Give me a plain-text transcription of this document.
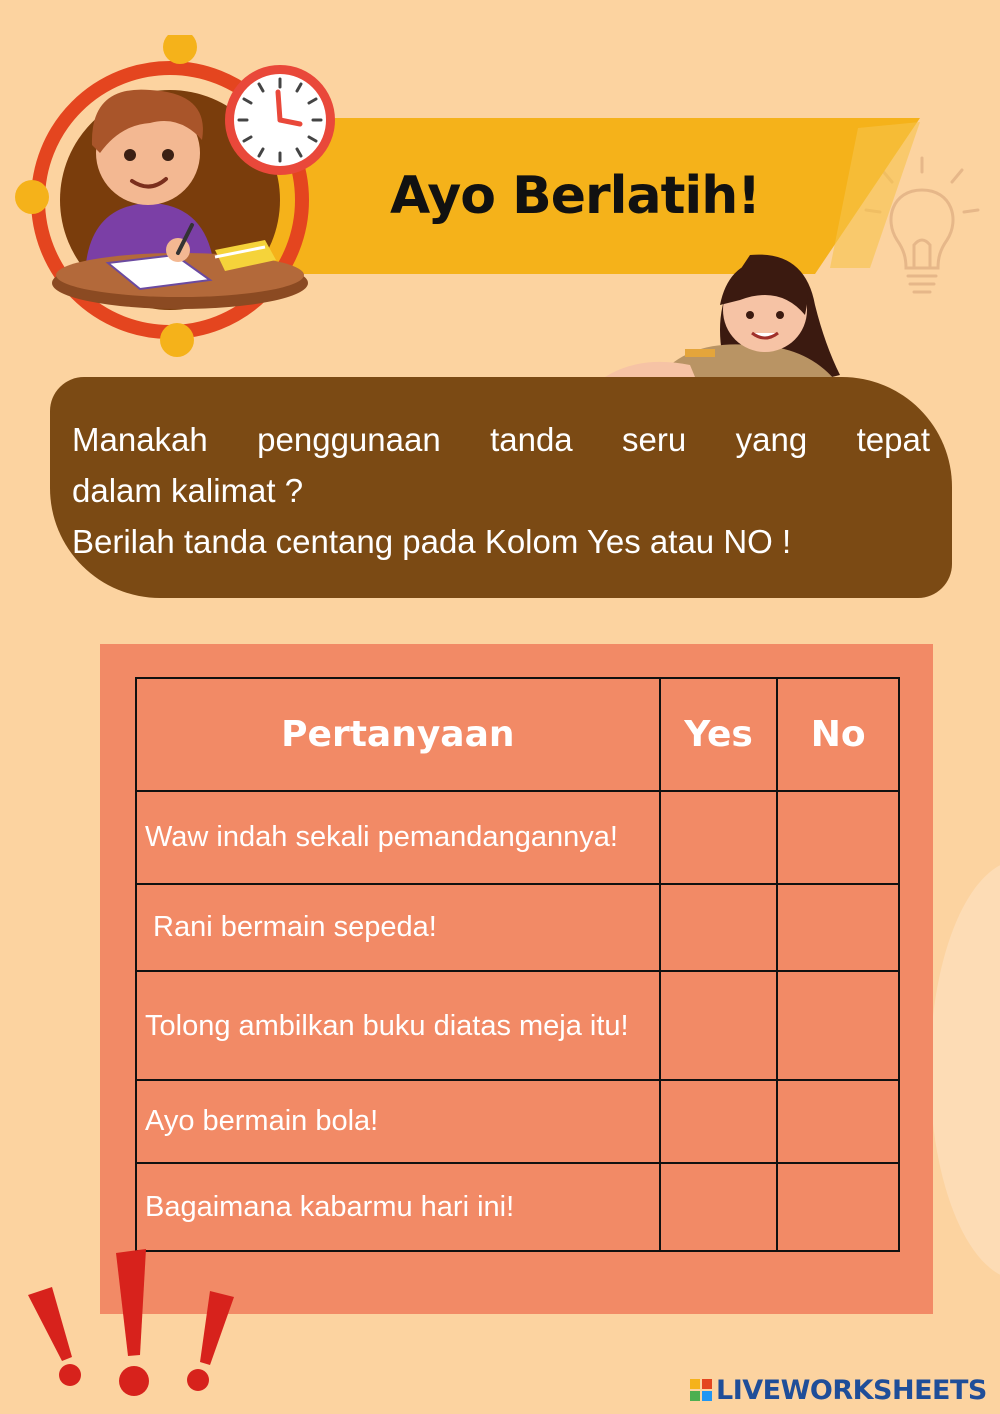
Ayo Berlatih!
Manakah penggunaan tanda seru yang tepat
dalam kalimat ?
Berilah tanda centang pada Kolom Yes atau NO !
Pertanyaan	Yes	No
Waw indah sekali pemandangannya!		
Rani bermain sepeda!		
Tolong ambilkan buku diatas meja itu!		
Ayo bermain bola!		
Bagaimana kabarmu hari ini!		
LIVEWORKSHEETS
